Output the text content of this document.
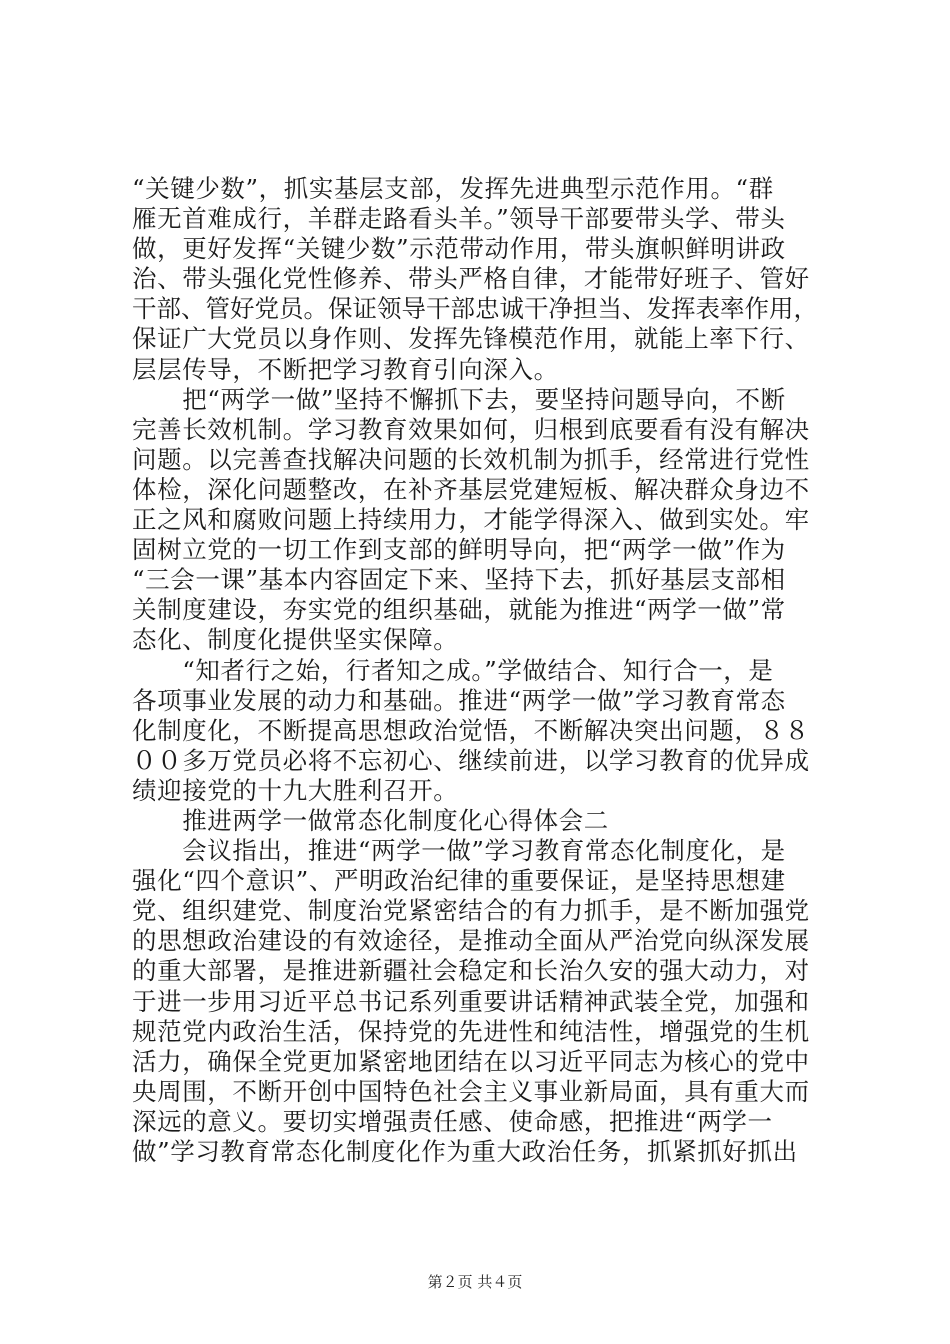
“关键少数”，抓实基层支部，发挥先进典型示范作用。“群
雁无首难成行，羊群走路看头羊。”领导干部要带头学、带头
做，更好发挥“关键少数”示范带动作用，带头旗帜鲜明讲政
治、带头强化党性修养、带头严格自律，才能带好班子、管好
干部、管好党员。保证领导干部忠诚干净担当、发挥表率作用，
保证广大党员以身作则、发挥先锋模范作用，就能上率下行、
层层传导，不断把学习教育引向深入。
　　把“两学一做”坚持不懈抓下去，要坚持问题导向，不断
完善长效机制。学习教育效果如何，归根到底要看有没有解决
问题。以完善查找解决问题的长效机制为抓手，经常进行党性
体检，深化问题整改，在补齐基层党建短板、解决群众身边不
正之风和腐败问题上持续用力，才能学得深入、做到实处。牢
固树立党的一切工作到支部的鲜明导向，把“两学一做”作为
“三会一课”基本内容固定下来、坚持下去，抓好基层支部相
关制度建设，夯实党的组织基础，就能为推进“两学一做”常
态化、制度化提供坚实保障。
　　“知者行之始，行者知之成。”学做结合、知行合一，是
各项事业发展的动力和基础。推进“两学一做”学习教育常态
化制度化，不断提高思想政治觉悟，不断解决突出问题，８８
００多万党员必将不忘初心、继续前进，以学习教育的优异成
绩迎接党的十九大胜利召开。
　　推进两学一做常态化制度化心得体会二
　　会议指出，推进“两学一做”学习教育常态化制度化，是
强化“四个意识”、严明政治纪律的重要保证，是坚持思想建
党、组织建党、制度治党紧密结合的有力抓手，是不断加强党
的思想政治建设的有效途径，是推动全面从严治党向纵深发展
的重大部署，是推进新疆社会稳定和长治久安的强大动力，对
于进一步用习近平总书记系列重要讲话精神武装全党，加强和
规范党内政治生活，保持党的先进性和纯洁性，增强党的生机
活力，确保全党更加紧密地团结在以习近平同志为核心的党中
央周围，不断开创中国特色社会主义事业新局面，具有重大而
深远的意义。要切实增强责任感、使命感，把推进“两学一
做”学习教育常态化制度化作为重大政治任务，抓紧抓好抓出
第２页 共４页
